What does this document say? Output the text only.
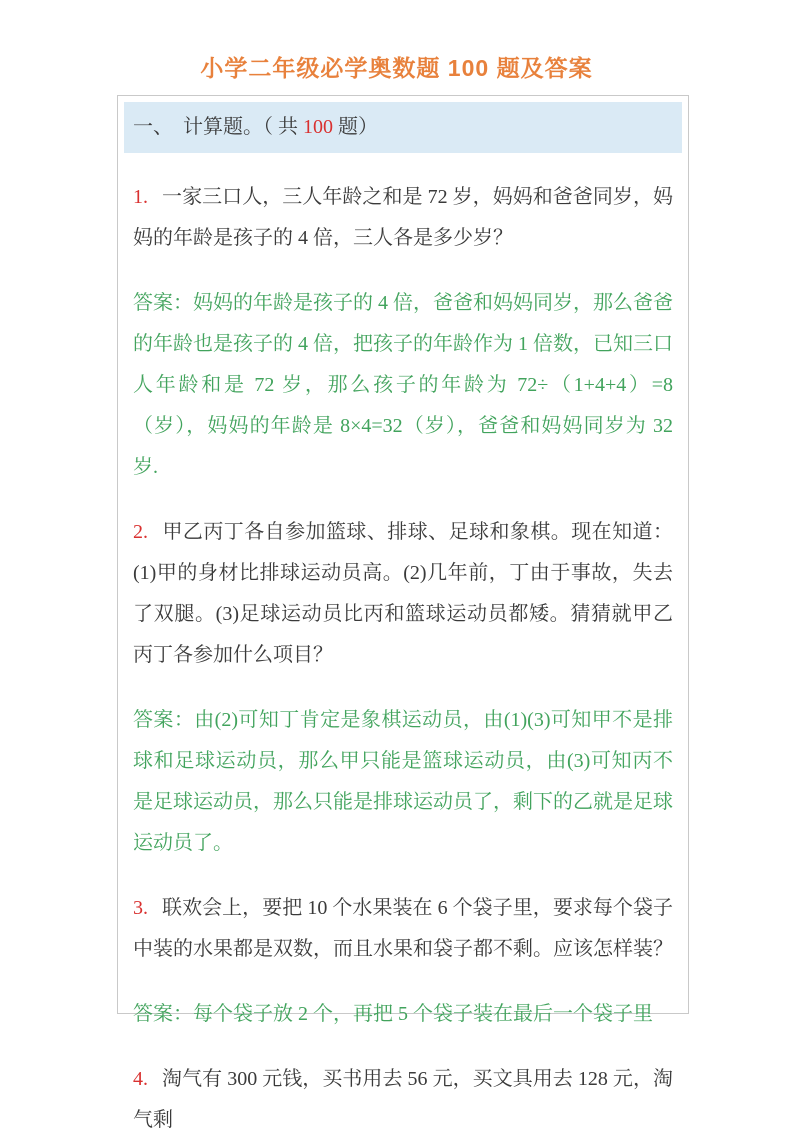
小学二年级必学奥数题 100 题及答案
一、　计算题。（ 共 100 题）

1. 一家三口人，三人年龄之和是 72 岁，妈妈和爸爸同岁，妈妈的年龄是孩子的 4 倍，三人各是多少岁？

答案：妈妈的年龄是孩子的 4 倍，爸爸和妈妈同岁，那么爸爸的年龄也是孩子的 4 倍，把孩子的年龄作为 1 倍数，已知三口人年龄和是 72 岁，那么孩子的年龄为 72÷（1+4+4）=8（岁），妈妈的年龄是 8×4=32（岁），爸爸和妈妈同岁为 32 岁.

2. 甲乙丙丁各自参加篮球、排球、足球和象棋。现在知道：(1)甲的身材比排球运动员高。(2)几年前，丁由于事故，失去了双腿。(3)足球运动员比丙和篮球运动员都矮。猜猜就甲乙丙丁各参加什么项目？

答案：由(2)可知丁肯定是象棋运动员，由(1)(3)可知甲不是排球和足球运动员，那么甲只能是篮球运动员，由(3)可知丙不是足球运动员，那么只能是排球运动员了，剩下的乙就是足球运动员了。

3. 联欢会上，要把 10 个水果装在 6 个袋子里，要求每个袋子中装的水果都是双数，而且水果和袋子都不剩。应该怎样装？

答案：每个袋子放 2 个，再把 5 个袋子装在最后一个袋子里

4. 淘气有 300 元钱，买书用去 56 元，买文具用去 128 元，淘气剩
